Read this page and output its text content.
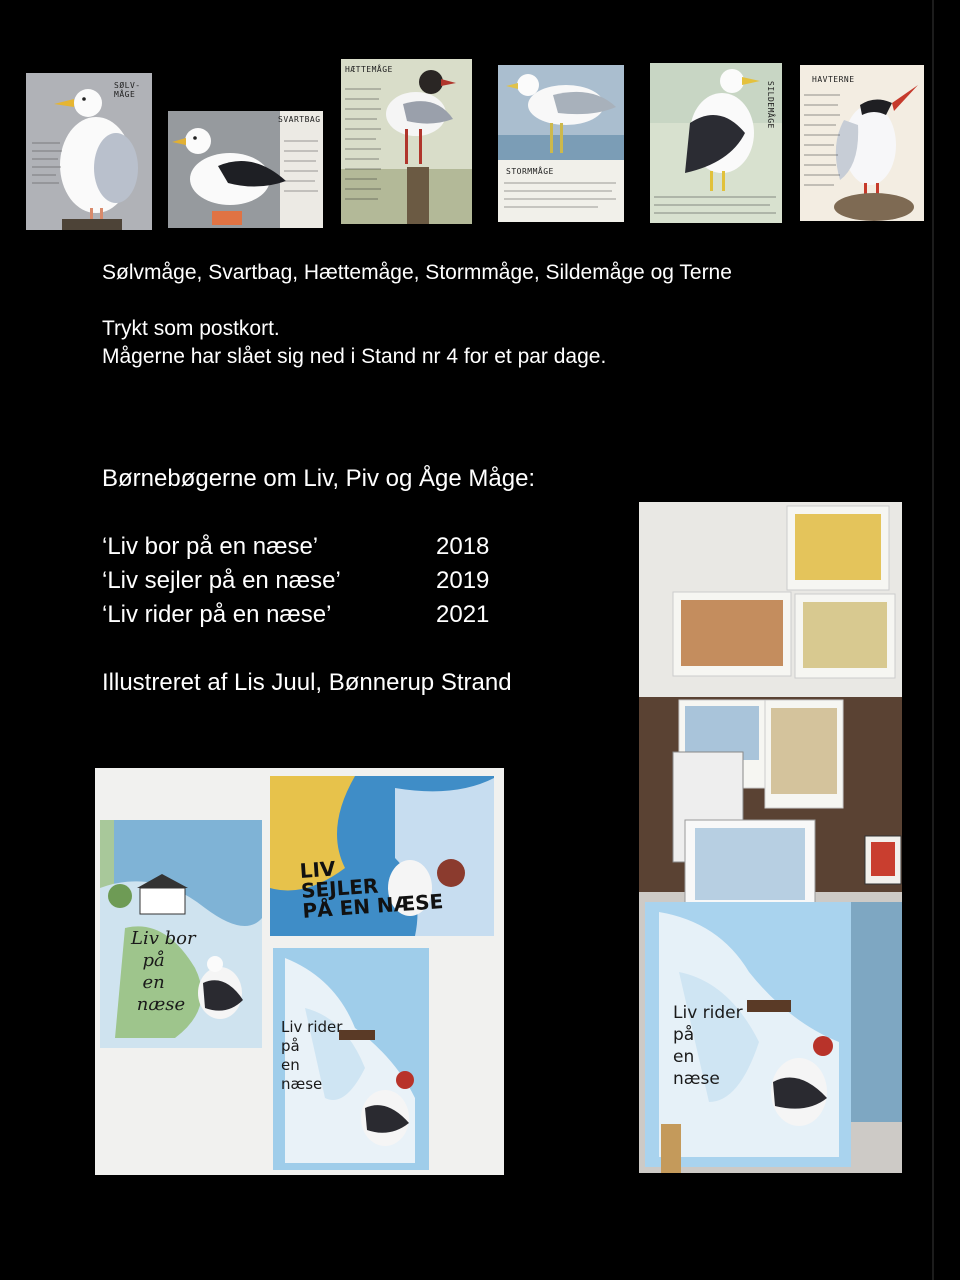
SØLV-
MÅGE
SVARTBAG
HÆTTEMÅGE
STORMMÅGE
SILDEMÅGE
HAVTERNE
Sølvmåge, Svartbag, Hættemåge, Stormmåge, Sildemåge og Terne
Trykt som postkort.
Mågerne har slået sig ned i Stand nr 4 for et par dage.
Børnebøgerne om Liv, Piv og Åge Måge:
‘Liv bor på en næse’	2018
‘Liv sejler på en næse’	2019
‘Liv rider på en næse’	2021
Illustreret af Lis Juul, Bønnerup Strand
Liv bor
på
en
næse
LIV
SEJLER
PÅ EN NÆSE
Liv rider
på
en
næse
Liv rider
på
en
næse
